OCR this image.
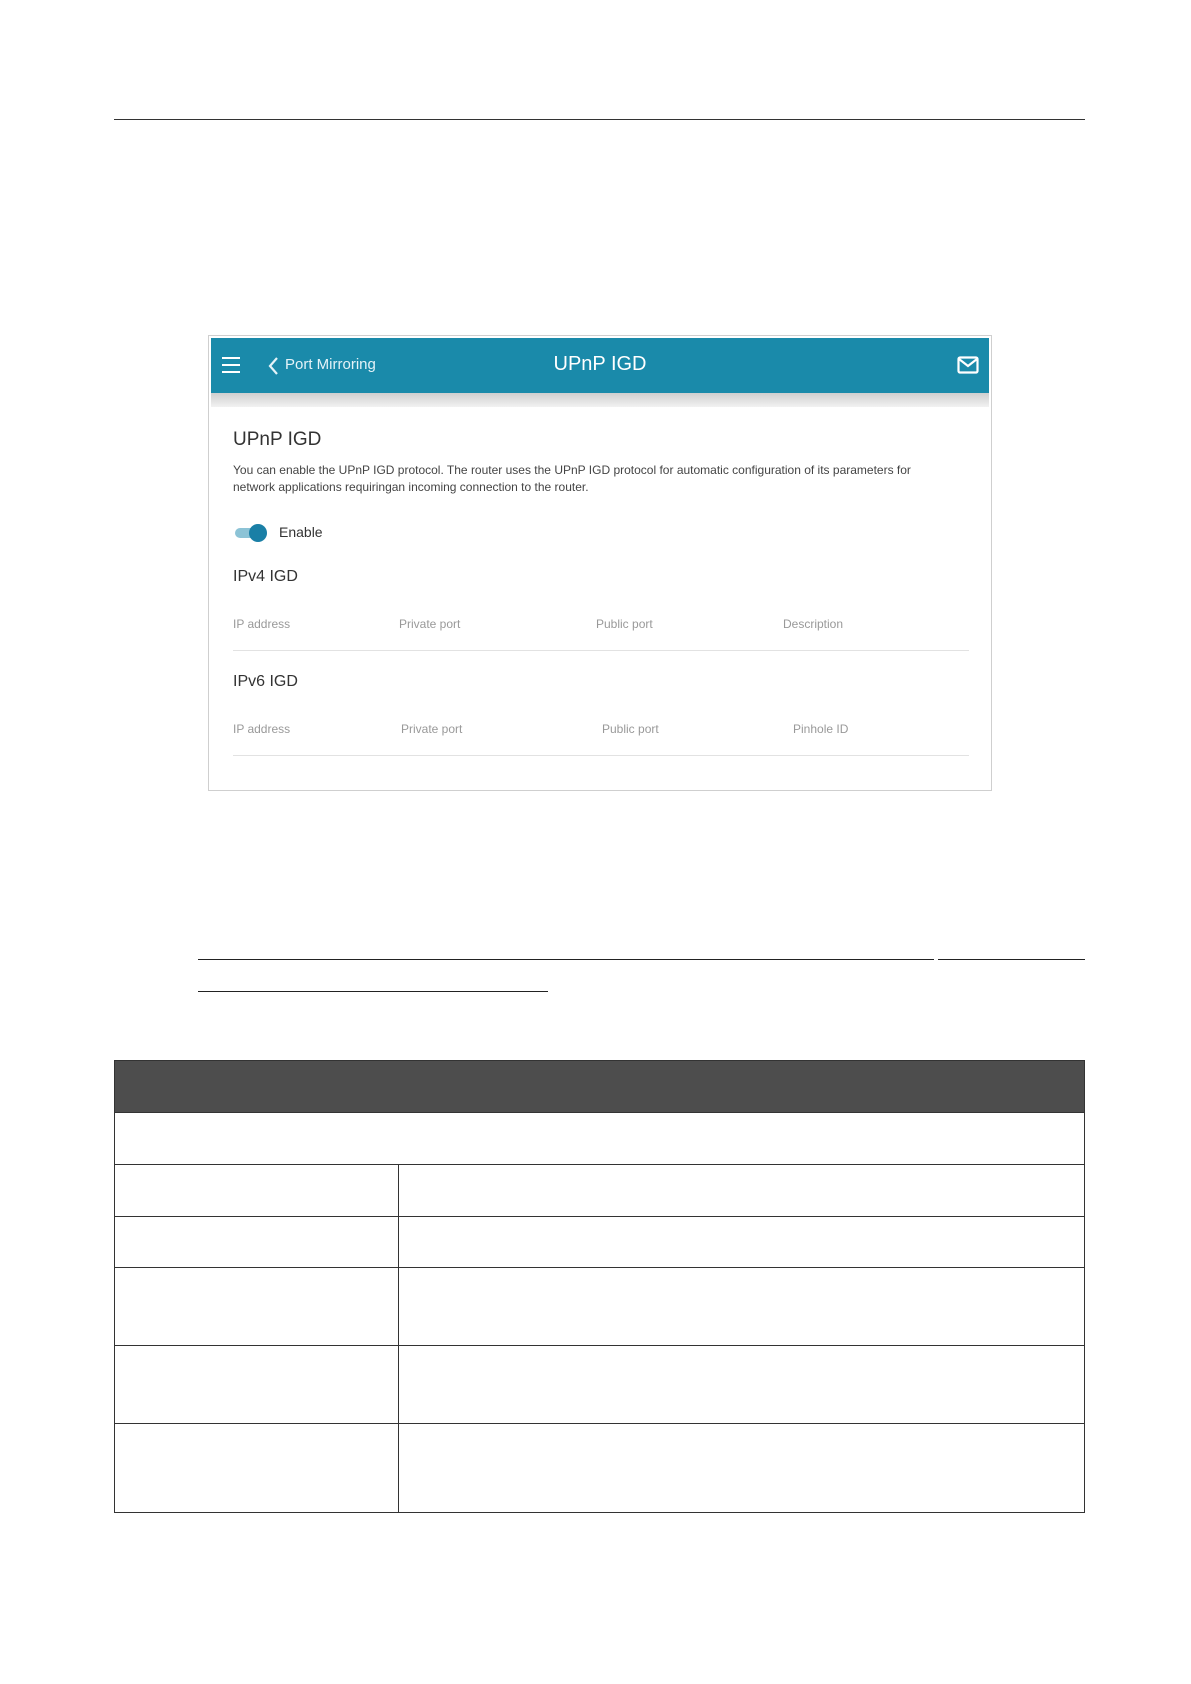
Port Mirroring	UPnP IGD
UPnP IGD
You can enable the UPnP IGD protocol. The router uses the UPnP IGD protocol for automatic configuration of its parameters for network applications requiringan incoming connection to the router.
Enable
IPv4 IGD
IP address	Private port	Public port	Description
IPv6 IGD
IP address	Private port	Public port	Pinhole ID
